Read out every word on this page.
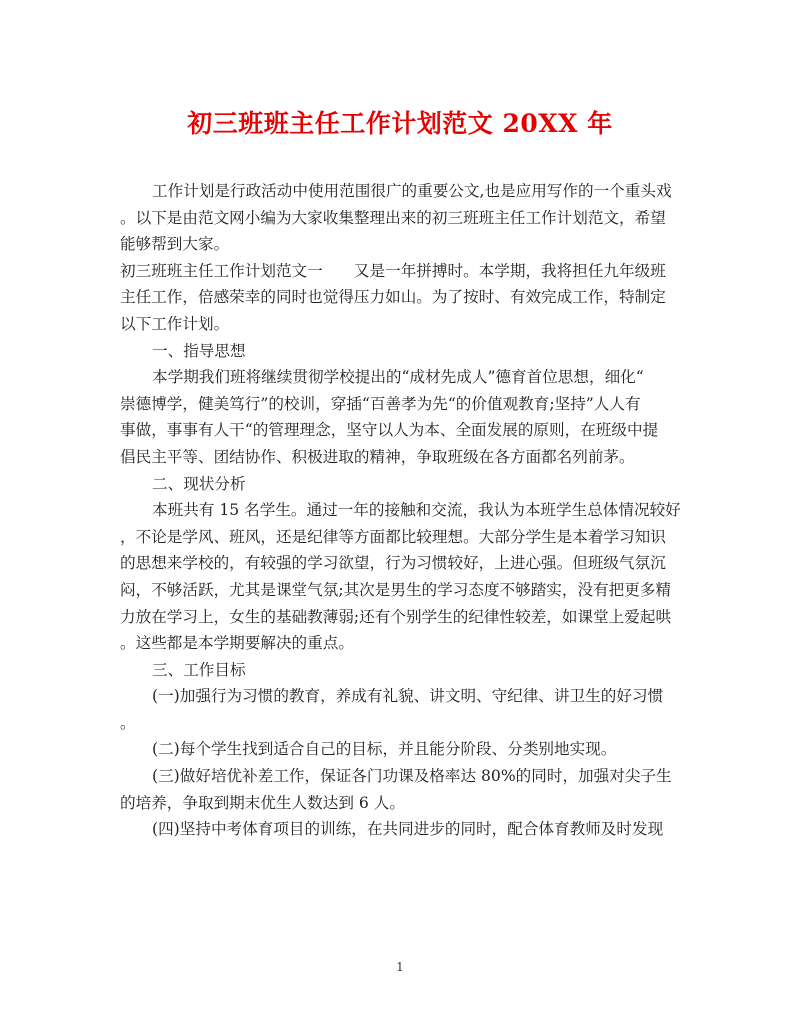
初三班班主任工作计划范文 20XX 年
工作计划是行政活动中使用范围很广的重要公文,也是应用写作的一个重头戏
。以下是由范文网小编为大家收集整理出来的初三班班主任工作计划范文，希望
能够帮到大家。
初三班班主任工作计划范文一　　又是一年拼搏时。本学期，我将担任九年级班
主任工作，倍感荣幸的同时也觉得压力如山。为了按时、有效完成工作，特制定
以下工作计划。
一、指导思想
本学期我们班将继续贯彻学校提出的“成材先成人”德育首位思想，细化“
崇德博学，健美笃行”的校训，穿插“百善孝为先“的价值观教育;坚持”人人有
事做，事事有人干“的管理理念，坚守以人为本、全面发展的原则，在班级中提
倡民主平等、团结协作、积极进取的精神，争取班级在各方面都名列前茅。
二、现状分析
本班共有 15 名学生。通过一年的接触和交流，我认为本班学生总体情况较好
，不论是学风、班风，还是纪律等方面都比较理想。大部分学生是本着学习知识
的思想来学校的，有较强的学习欲望，行为习惯较好，上进心强。但班级气氛沉
闷，不够活跃，尤其是课堂气氛;其次是男生的学习态度不够踏实，没有把更多精
力放在学习上，女生的基础教薄弱;还有个别学生的纪律性较差，如课堂上爱起哄
。这些都是本学期要解决的重点。
三、工作目标
(一)加强行为习惯的教育，养成有礼貌、讲文明、守纪律、讲卫生的好习惯
。
(二)每个学生找到适合自己的目标，并且能分阶段、分类别地实现。
(三)做好培优补差工作，保证各门功课及格率达 80%的同时，加强对尖子生
的培养，争取到期末优生人数达到 6 人。
(四)坚持中考体育项目的训练，在共同进步的同时，配合体育教师及时发现
1
